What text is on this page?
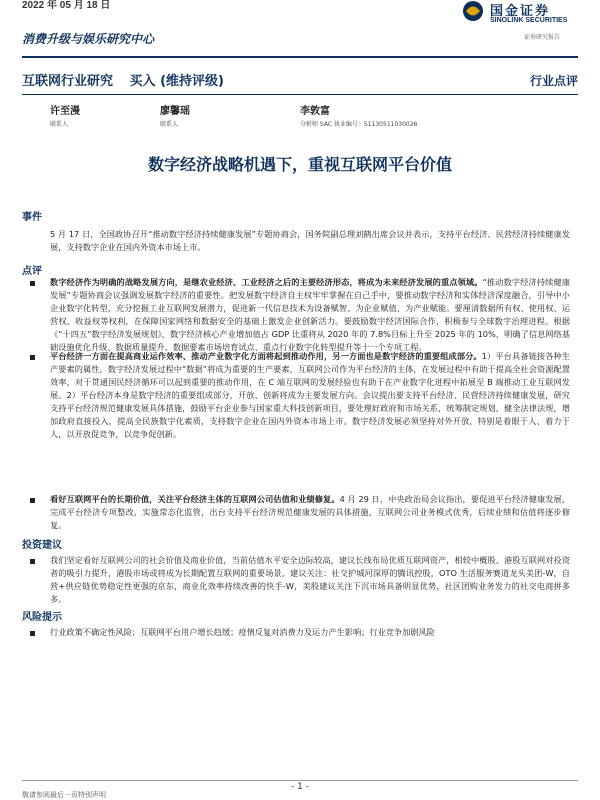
2022 年 05 月 18 日	国金证券
SINOLINK SECURITIES
证券研究报告
消费升级与娱乐研究中心
互联网行业研究 买入 (维持评级)	行业点评
许至漫
联系人
廖馨瑶
联系人
李敦富
分析师 SAC 执业编号：S1130511030026
数字经济战略机遇下，重视互联网平台价值
事件
5 月 17 日，全国政协召开“推动数字经济持续健康发展”专题协商会，国务院副总理刘鹤出席会议并表示，支持平台经济、民营经济持续健康发展，支持数字企业在国内外资本市场上市。
点评
数字经济作为明确的战略发展方向，是继农业经济、工业经济之后的主要经济形态，将成为未来经济发展的重点领域。“推动数字经济持续健康发展”专题协商会议强调发展数字经济的重要性。把发展数字经济自主权牢牢掌握在自己手中，要推动数字经济和实体经济深度融合，引导中小企业数字化转型，充分挖掘工业互联网发展潜力，促进新一代信息技术为设备赋智、为企业赋值、为产业赋能。要厘清数据所有权、使用权、运营权、收益权等权利，在保障国家网络和数据安全的基础上激发企业创新活力。要鼓励数字经济国际合作，积极参与全球数字治理进程。根据《“十四五”数字经济发展规划》，数字经济核心产业增加值占 GDP 比重将从 2020 年的 7.8%目标上升至 2025 年的 10%，明确了信息网络基础设施优化升级、数据质量提升、数据要素市场培育试点、重点行业数字化转型提升等十一个专项工程。
平台经济一方面在提高商业运作效率、推动产业数字化方面将起到推动作用，另一方面也是数字经济的重要组成部分。1）平台具备链接各种生产要素的属性，数字经济发展过程中“数据”将成为重要的生产要素，互联网公司作为平台经济的主体，在发展过程中有助于提高全社会资源配置效率，对于贯通国民经济循环可以起到重要的推动作用，在 C 端互联网的发展经验也有助于在产业数字化进程中拓展至 B 端推动工业互联网发展。2）平台经济本身是数字经济的重要组成部分，开放、创新将成为主要发展方向。会议提出要支持平台经济、民营经济持续健康发展，研究支持平台经济规范健康发展具体措施，鼓励平台企业参与国家重大科技创新项目，要处理好政府和市场关系，统筹制定规划，健全法律法规，增加政府直接投入，提高全民族数字化素质，支持数字企业在国内外资本市场上市。数字经济发展必须坚持对外开放，特别是着眼于人、着力于人，以开放促竞争，以竞争促创新。
看好互联网平台的长期价值，关注平台经济主体的互联网公司估值和业绩修复。4 月 29 日，中央政治局会议指出，要促进平台经济健康发展，完成平台经济专项整改，实施常态化监管，出台支持平台经济规范健康发展的具体措施，互联网公司业务模式优秀，后续业绩和估值将逐步修复。
投资建议
我们坚定看好互联网公司的社会价值及商业价值，当前估值水平安全边际较高，建议长线布局优质互联网资产，相较中概股、港股互联网对投资者的吸引力提升，港股市场或将成为长期配置互联网的重要场景。建议关注：社交护城河深厚的腾讯控股，OTO 生活服务赛道龙头美团-W，自营+供应链优势稳定性更强的京东，商业化效率持续改善的快手-W，美股建议关注下沉市场具备明显优势，社区团购业务发力的社交电商拼多多。
风险提示
行业政策不确定性风险；互联网平台用户增长趋缓；疫情反复对消费力及运力产生影响；行业竞争加剧风险
- 1 -
敬请参阅最后一页特别声明
